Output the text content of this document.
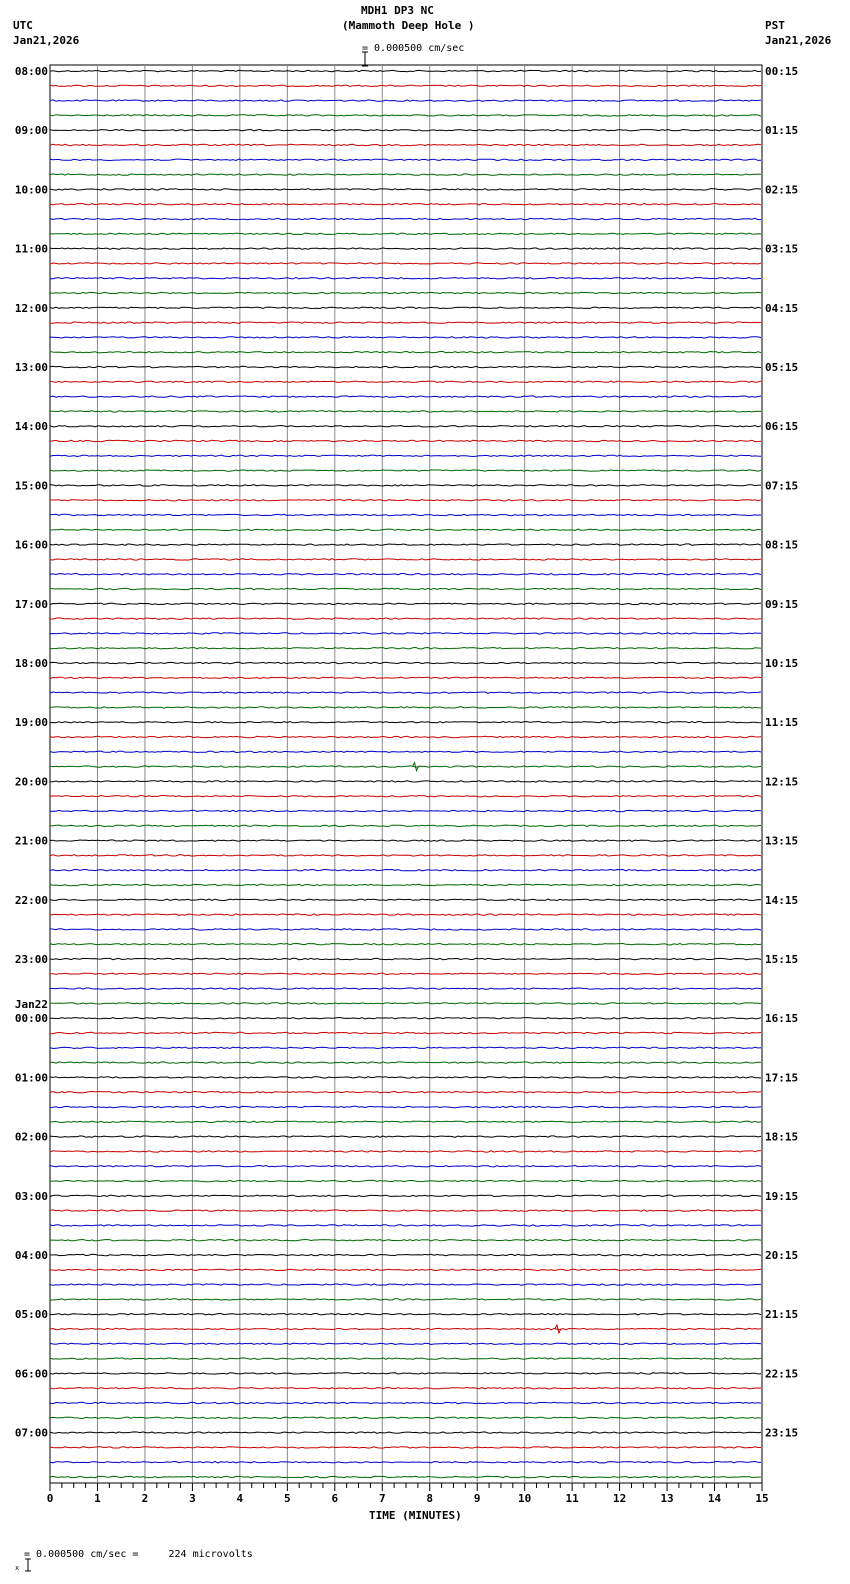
MDH1 DP3 NC
(Mammoth Deep Hole )

= 0.000500 cm/sec
UTC
Jan21,2026
PST
Jan21,2026
08:00
09:00
10:00
11:00
12:00
13:00
14:00
15:00
16:00
17:00
18:00
19:00
20:00
21:00
22:00
23:00
00:00
Jan22
01:00
02:00
03:00
04:00
05:00
06:00
07:00
00:15
01:15
02:15
03:15
04:15
05:15
06:15
07:15
08:15
09:15
10:15
11:15
12:15
13:15
14:15
15:15
16:15
17:15
18:15
19:15
20:15
21:15
22:15
23:15
0	1	2	3	4	5	6	7	8	9	10	11	12	13	14	15
TIME (MINUTES)

x

= 0.000500 cm/sec =     224 microvolts
